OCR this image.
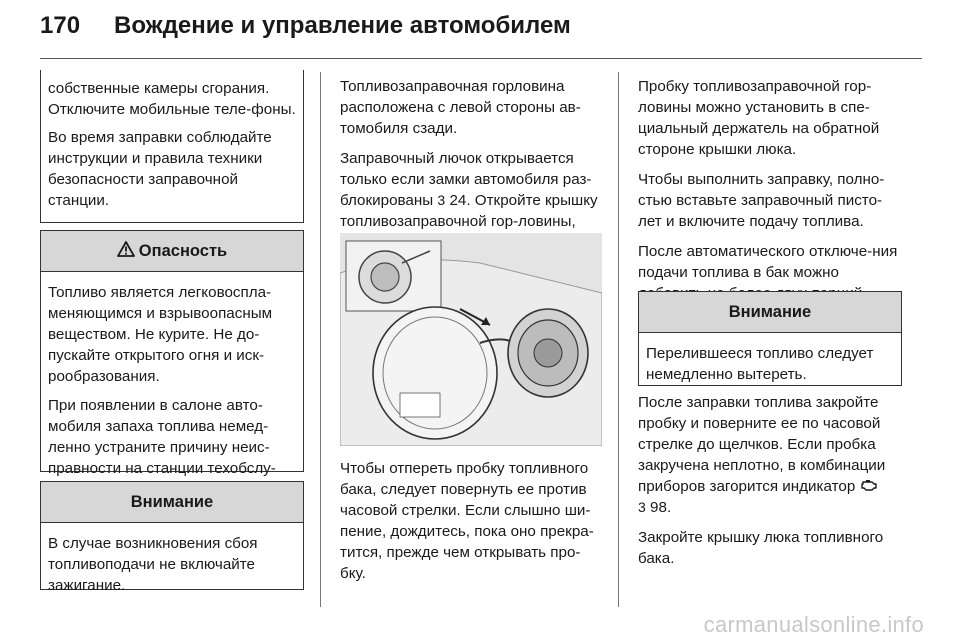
170 Вождение и управление автомобилем

собственные камеры сгорания. Отключите мобильные теле-фоны.

Во время заправки соблюдайте инструкции и правила техники безопасности заправочной станции.

Опасность

Топливо является легковоспла-меняющимся и взрывоопасным веществом. Не курите. Не до-пускайте открытого огня и иск-рообразования.

При появлении в салоне авто-мобиля запаха топлива немед-ленно устраните причину неис-правности на станции техобслу-

Внимание

В случае возникновения сбоя топливоподачи не включайте зажигание.

Топливозаправочная горловина расположена с левой стороны ав-томобиля сзади.

Заправочный лючок открывается только если замки автомобиля раз-блокированы 3 24. Откройте крышку топливозаправочной гор-ловины,

Чтобы отпереть пробку топливного бака, следует повернуть ее против часовой стрелки. Если слышно ши-пение, дождитесь, пока оно прекра-тится, прежде чем открывать про-бку.

Пробку топливозаправочной гор-ловины можно установить в спе-циальный держатель на обратной стороне крышки люка.

Чтобы выполнить заправку, полно-стью вставьте заправочный писто-лет и включите подачу топлива.

После автоматического отключе-ния подачи топлива в бак можно

Внимание

Перелившееся топливо следует немедленно вытереть.

После заправки топлива закройте пробку и поверните ее по часовой стрелке до щелчков. Если пробка закручена неплотно, в комбинации приборов загорится индикатор
3 98.

Закройте крышку люка топливного бака.

carmanualsonline.info
